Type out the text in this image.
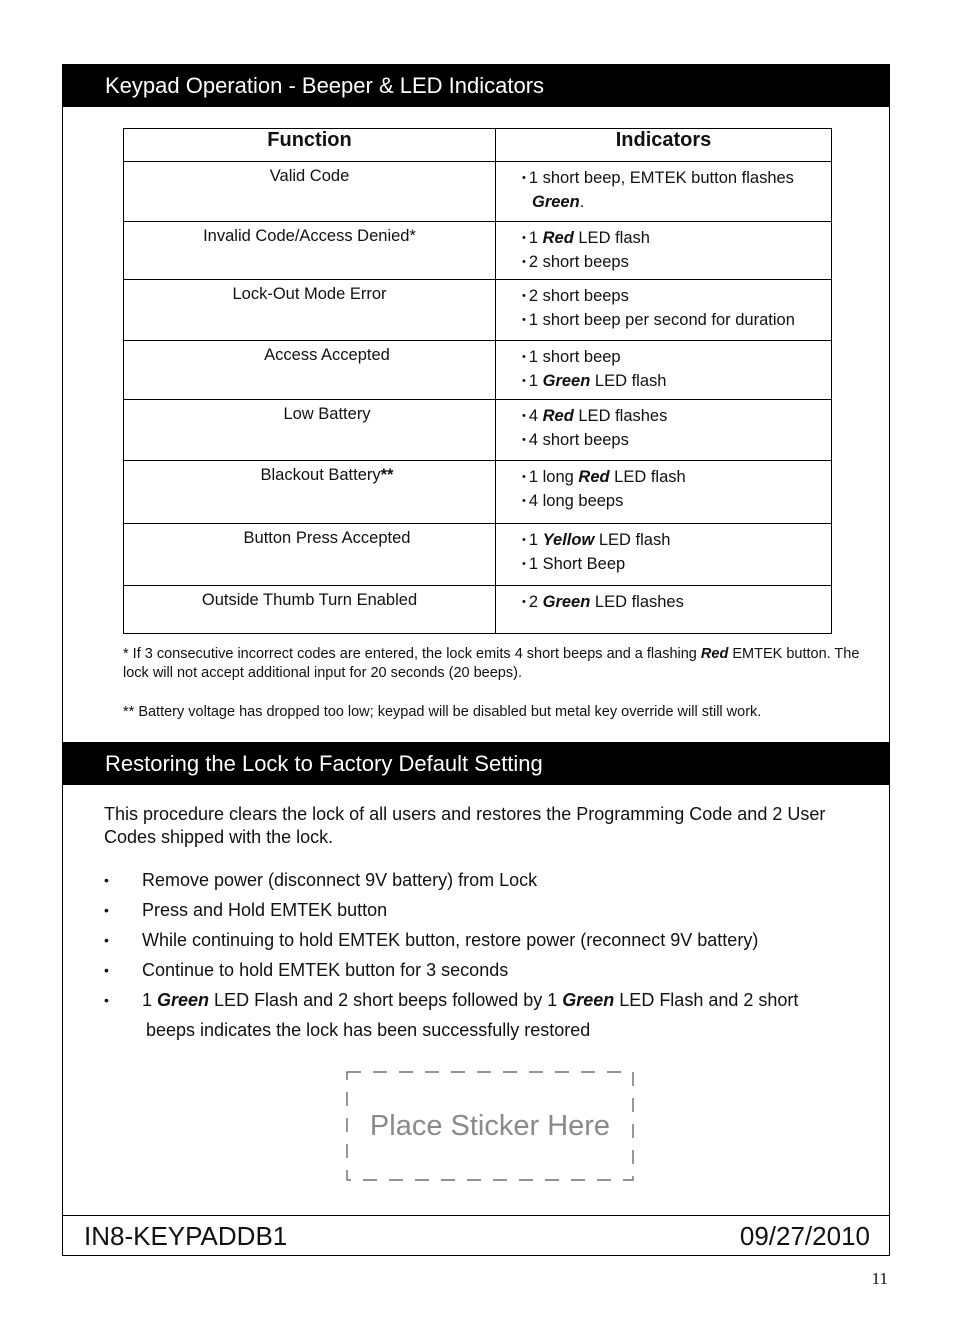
Keypad Operation - Beeper & LED Indicators
Function	Indicators
Valid Code	• 1 short beep, EMTEK button flashes
Green.

Invalid Code/Access Denied*	• 1 Red LED flash
• 2 short beeps

Lock-Out Mode Error	• 2 short beeps
• 1 short beep per second for duration

Access Accepted	• 1 short beep
• 1 Green LED flash

Low Battery	• 4 Red LED flashes
• 4 short beeps

Blackout Battery**	• 1 long Red LED flash
• 4 long beeps

Button Press Accepted	• 1 Yellow LED flash
• 1 Short Beep

Outside Thumb Turn Enabled	• 2 Green LED flashes
* If 3 consecutive incorrect codes are entered, the lock emits 4 short beeps and a flashing Red EMTEK button. The lock will not accept additional input for 20 seconds (20 beeps).
** Battery voltage has dropped too low; keypad will be disabled but metal key override will still work.
Restoring the Lock to Factory Default Setting
This procedure clears the lock of all users and restores the Programming Code and 2 User Codes shipped with the lock.
• Remove power (disconnect 9V battery) from Lock
• Press and Hold EMTEK button
• While continuing to hold EMTEK button, restore power (reconnect 9V battery)
• Continue to hold EMTEK button for 3 seconds
• 1 Green LED Flash and 2 short beeps followed by 1 Green LED Flash and 2 short
beeps indicates the lock has been successfully restored
Place Sticker Here
IN8-KEYPADDB1	09/27/2010
11
